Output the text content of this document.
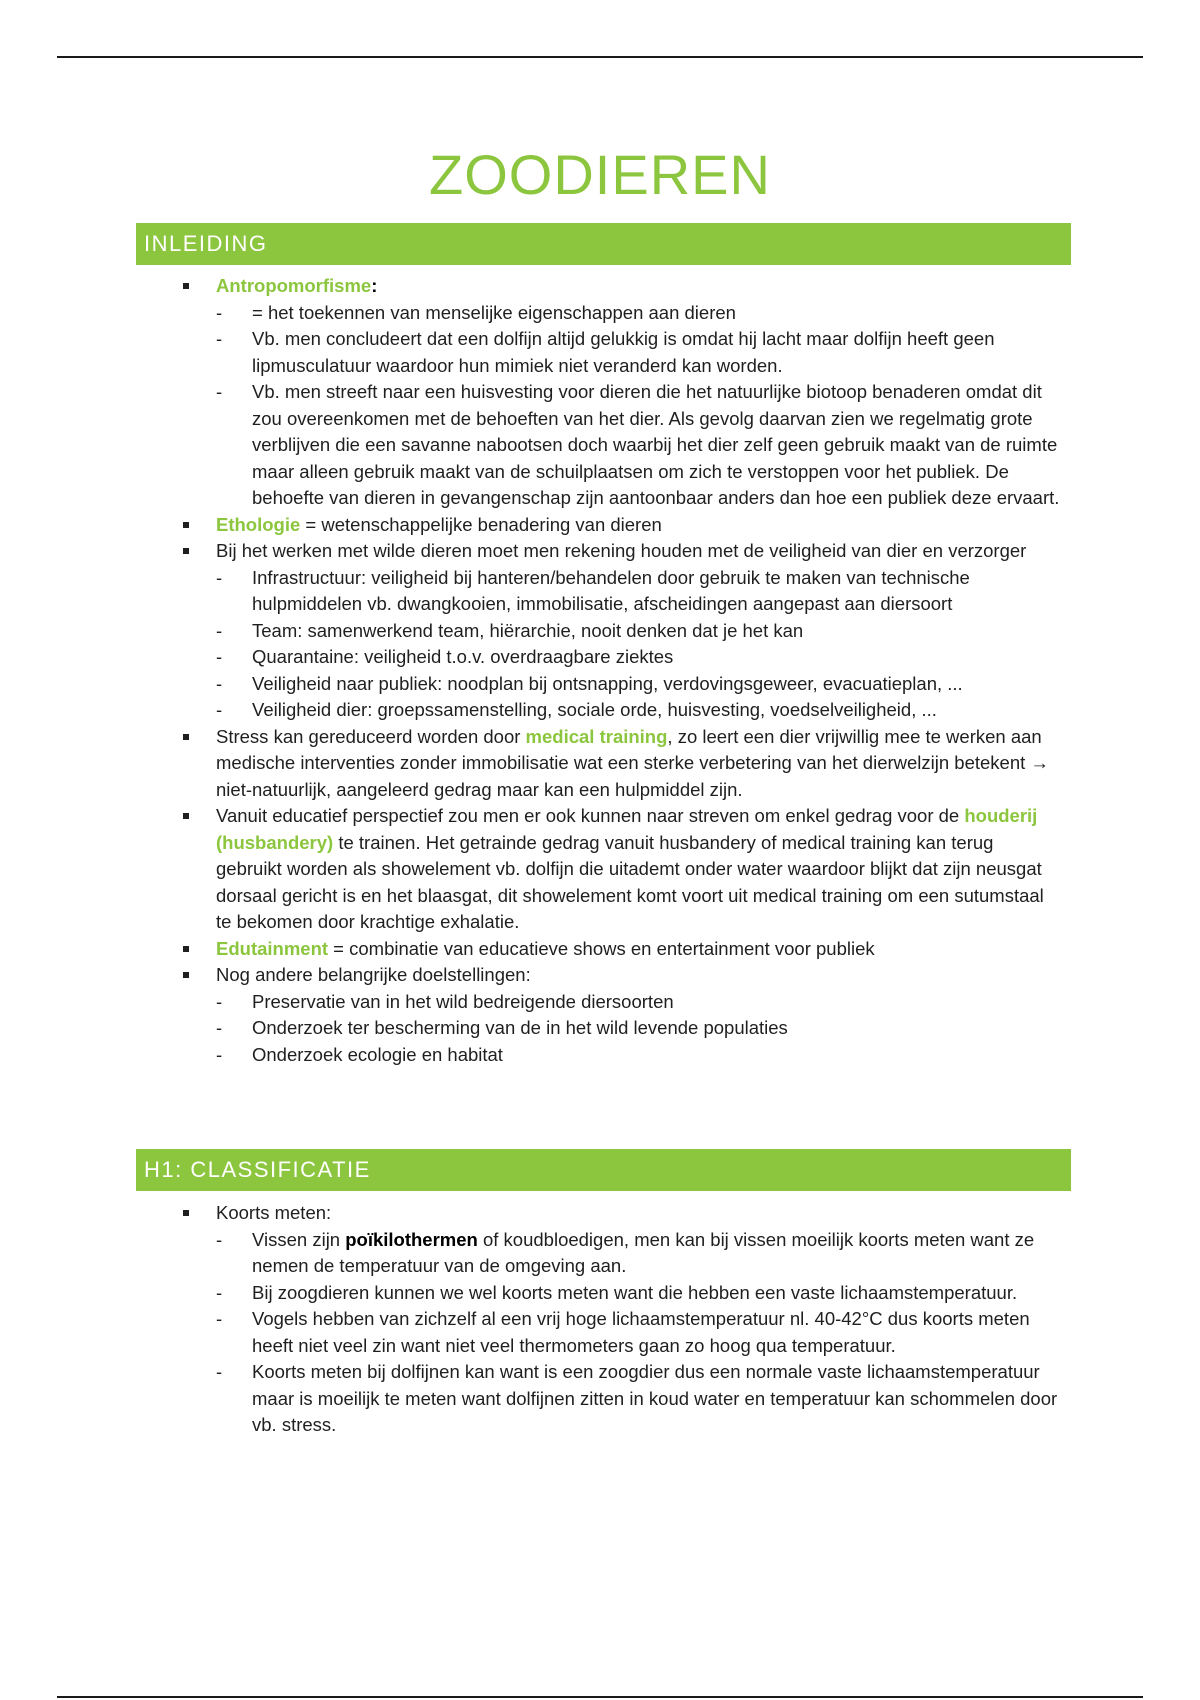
ZOODIEREN
INLEIDING
Antropomorfisme:
- = het toekennen van menselijke eigenschappen aan dieren
- Vb. men concludeert dat een dolfijn altijd gelukkig is omdat hij lacht maar dolfijn heeft geen lipmusculatuur waardoor hun mimiek niet veranderd kan worden.
- Vb. men streeft naar een huisvesting voor dieren die het natuurlijke biotoop benaderen omdat dit zou overeenkomen met de behoeften van het dier. Als gevolg daarvan zien we regelmatig grote verblijven die een savanne nabootsen doch waarbij het dier zelf geen gebruik maakt van de ruimte maar alleen gebruik maakt van de schuilplaatsen om zich te verstoppen voor het publiek. De behoefte van dieren in gevangenschap zijn aantoonbaar anders dan hoe een publiek deze ervaart.
Ethologie = wetenschappelijke benadering van dieren
Bij het werken met wilde dieren moet men rekening houden met de veiligheid van dier en verzorger
- Infrastructuur: veiligheid bij hanteren/behandelen door gebruik te maken van technische hulpmiddelen vb. dwangkooien, immobilisatie, afscheidingen aangepast aan diersoort
- Team: samenwerkend team, hiërarchie, nooit denken dat je het kan
- Quarantaine: veiligheid t.o.v. overdraagbare ziektes
- Veiligheid naar publiek: noodplan bij ontsnapping, verdovingsgeweer, evacuatieplan, ...
- Veiligheid dier: groepssamenstelling, sociale orde, huisvesting, voedselveiligheid, ...
Stress kan gereduceerd worden door medical training, zo leert een dier vrijwillig mee te werken aan medische interventies zonder immobilisatie wat een sterke verbetering van het dierwelzijn betekent → niet-natuurlijk, aangeleerd gedrag maar kan een hulpmiddel zijn.
Vanuit educatief perspectief zou men er ook kunnen naar streven om enkel gedrag voor de houderij (husbandery) te trainen. Het getrainde gedrag vanuit husbandery of medical training kan terug gebruikt worden als showelement vb. dolfijn die uitademt onder water waardoor blijkt dat zijn neusgat dorsaal gericht is en het blaasgat, dit showelement komt voort uit medical training om een sutumstaal te bekomen door krachtige exhalatie.
Edutainment = combinatie van educatieve shows en entertainment voor publiek
Nog andere belangrijke doelstellingen:
- Preservatie van in het wild bedreigende diersoorten
- Onderzoek ter bescherming van de in het wild levende populaties
- Onderzoek ecologie en habitat
H1: CLASSIFICATIE
Koorts meten:
- Vissen zijn poïkilothermen of koudbloedigen, men kan bij vissen moeilijk koorts meten want ze nemen de temperatuur van de omgeving aan.
- Bij zoogdieren kunnen we wel koorts meten want die hebben een vaste lichaamstemperatuur.
- Vogels hebben van zichzelf al een vrij hoge lichaamstemperatuur nl. 40-42°C dus koorts meten heeft niet veel zin want niet veel thermometers gaan zo hoog qua temperatuur.
- Koorts meten bij dolfijnen kan want is een zoogdier dus een normale vaste lichaamstemperatuur maar is moeilijk te meten want dolfijnen zitten in koud water en temperatuur kan schommelen door vb. stress.
